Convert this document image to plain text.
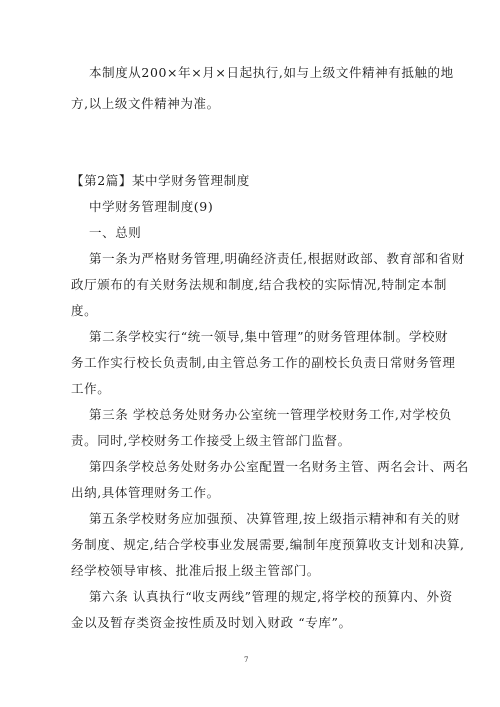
本制度从200×年×月×日起执行,如与上级文件精神有抵触的地
方,以上级文件精神为准。
【第2篇】某中学财务管理制度
中学财务管理制度(9)
一、总则
第一条为严格财务管理,明确经济责任,根据财政部、教育部和省财
政厅颁布的有关财务法规和制度,结合我校的实际情况,特制定本制
度。
第二条学校实行“统一领导,集中管理”的财务管理体制。学校财
务工作实行校长负责制,由主管总务工作的副校长负责日常财务管理
工作。
第三条 学校总务处财务办公室统一管理学校财务工作,对学校负
责。同时,学校财务工作接受上级主管部门监督。
第四条学校总务处财务办公室配置一名财务主管、两名会计、两名
出纳,具体管理财务工作。
第五条学校财务应加强预、决算管理,按上级指示精神和有关的财
务制度、规定,结合学校事业发展需要,编制年度预算收支计划和决算,
经学校领导审核、批准后报上级主管部门。
第六条 认真执行“收支两线”管理的规定,将学校的预算内、外资
金以及暂存类资金按性质及时划入财政 “专库”。
7
